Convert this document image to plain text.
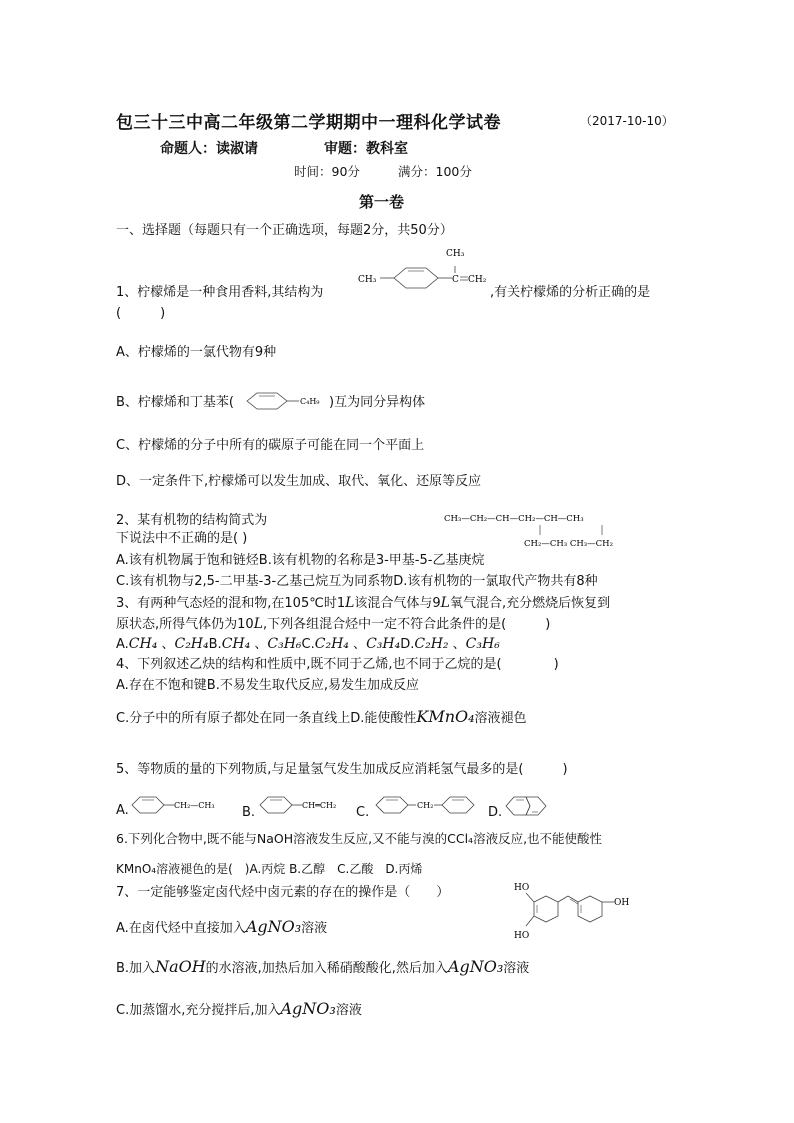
包三十三中高二年级第二学期期中一理科化学试卷	（2017-10-10）
命题人：读淑请	审题：教科室
时间：90分	满分：100分
第一卷
一、选择题（每题只有一个正确选项，每题2分，共50分）
CH₃	C
CH₃
CH₂
1、柠檬烯是一种食用香料,其结构为	,有关柠檬烯的分析正确的是
(　　　)
A、柠檬烯的一氯代物有9种
B、柠檬烯和丁基苯(	C₄H₉ )互为同分异构体
C、柠檬烯的分子中所有的碳原子可能在同一个平面上
D、一定条件下,柠檬烯可以发生加成、取代、氧化、还原等反应
2、某有机物的结构简式为	CH₃—CH₂—CH—CH₂—CH—CH₃
CH₂—CH₃ CH₃—CH₂
下说法中不正确的是( )
A.该有机物属于饱和链烃B.该有机物的名称是3-甲基-5-乙基庚烷
C.该有机物与2,5-二甲基-3-乙基己烷互为同系物D.该有机物的一氯取代产物共有8种
3、有两种气态烃的混和物,在105℃时1L该混合气体与9L氧气混合,充分燃烧后恢复到
原状态,所得气体仍为10L,下列各组混合烃中一定不符合此条件的是(　　　)
A.CH₄ 、C₂H₄B.CH₄ 、C₃H₆C.C₂H₄ 、C₃H₄D.C₂H₂ 、C₃H₆
4、下列叙述乙炔的结构和性质中,既不同于乙烯,也不同于乙烷的是(　　　　)
A.存在不饱和键B.不易发生取代反应,易发生加成反应
C.分子中的所有原子都处在同一条直线上D.能使酸性KMnO₄溶液褪色
5、等物质的量的下列物质,与足量氢气发生加成反应消耗氢气最多的是(　　　)
A.	CH₂—CH₃ B.	CH═CH₂ C.	CH₂	D.
6.下列化合物中,既不能与NaOH溶液发生反应,又不能与溴的CCl₄溶液反应,也不能使酸性
KMnO₄溶液褪色的是(　)A.丙烷 B.乙醇　C.乙酸　D.丙烯
7、一定能够鉴定卤代烃中卤元素的存在的操作是（　　）	HO
HO
OH
A.在卤代烃中直接加入AgNO₃溶液
B.加入NaOH的水溶液,加热后加入稀硝酸酸化,然后加入AgNO₃溶液
C.加蒸馏水,充分搅拌后,加入AgNO₃溶液
